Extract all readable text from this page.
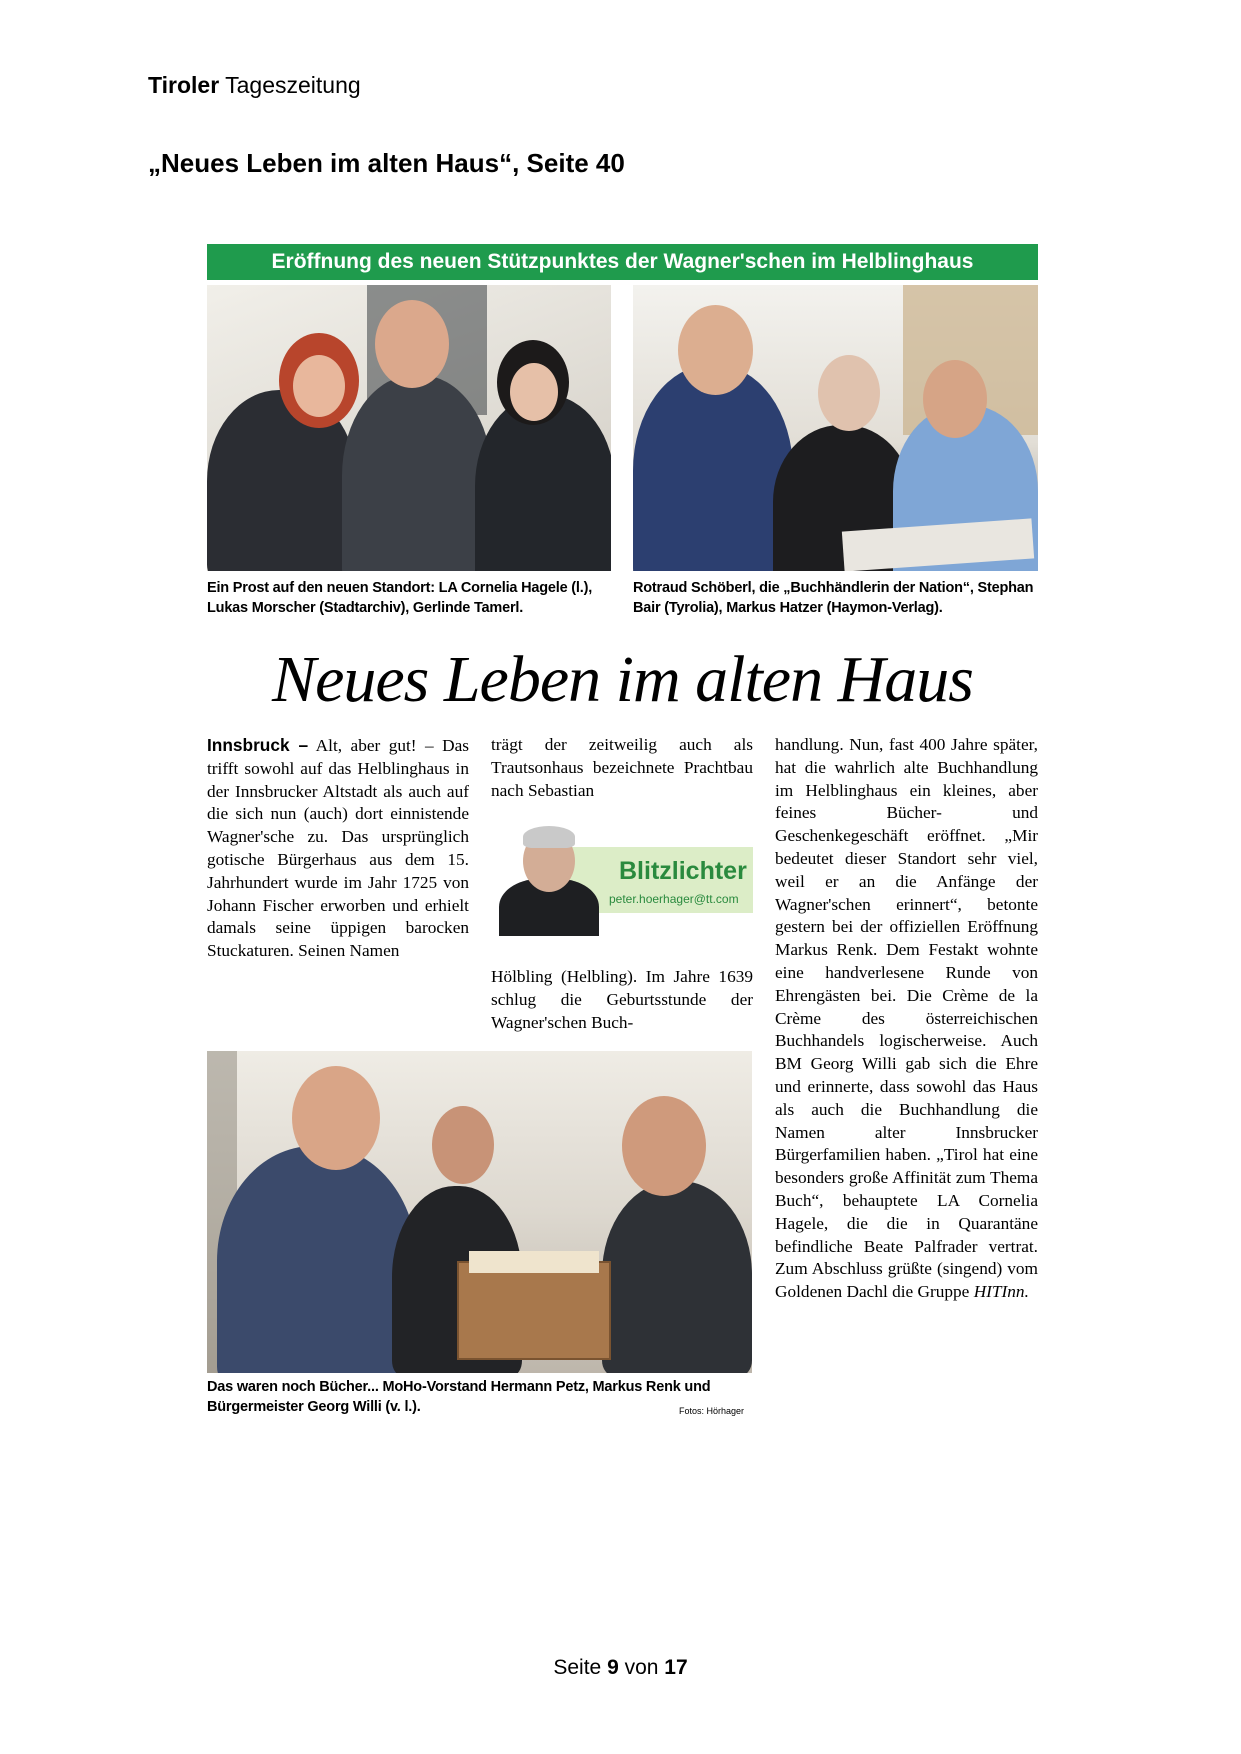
Tiroler Tageszeitung
„Neues Leben im alten Haus“, Seite 40
Eröffnung des neuen Stützpunktes der Wagner'schen im Helblinghaus
Ein Prost auf den neuen Standort: LA Cornelia Hagele (l.), Lukas Morscher (Stadtarchiv), Gerlinde Tamerl.
Rotraud Schöberl, die „Buchhändlerin der Nation“, Stephan Bair (Tyrolia), Markus Hatzer (Haymon-Verlag).
Neues Leben im alten Haus
Innsbruck – Alt, aber gut! – Das trifft sowohl auf das Helblinghaus in der Innsbrucker Altstadt als auch auf die sich nun (auch) dort einnistende Wagner'sche zu. Das ursprünglich gotische Bürgerhaus aus dem 15. Jahrhundert wurde im Jahr 1725 von Johann Fischer erworben und erhielt damals seine üppigen barocken Stuckaturen. Seinen Namen
trägt der zeitweilig auch als Trautsonhaus bezeichnete Prachtbau nach Sebastian
Blitzlichter
peter.hoerhager@tt.com
Hölbling (Helbling). Im Jahre 1639 schlug die Geburtsstunde der Wagner'schen Buch-
handlung. Nun, fast 400 Jahre später, hat die wahrlich alte Buchhandlung im Helblinghaus ein kleines, aber feines Bücher- und Geschenkegeschäft eröffnet. „Mir bedeutet dieser Standort sehr viel, weil er an die Anfänge der Wagner'schen erinnert“, betonte gestern bei der offiziellen Eröffnung Markus Renk. Dem Festakt wohnte eine handverlesene Runde von Ehrengästen bei. Die Crème de la Crème des österreichischen Buchhandels logischerweise. Auch BM Georg Willi gab sich die Ehre und erinnerte, dass sowohl das Haus als auch die Buchhandlung die Namen alter Innsbrucker Bürgerfamilien haben. „Tirol hat eine besonders große Affinität zum Thema Buch“, behauptete LA Cornelia Hagele, die die in Quarantäne befindliche Beate Palfrader vertrat. Zum Abschluss grüßte (singend) vom Goldenen Dachl die Gruppe HITInn.
Das waren noch Bücher... MoHo-Vorstand Hermann Petz, Markus Renk und Bürgermeister Georg Willi (v. l.).	Fotos: Hörhager
Seite 9 von 17
